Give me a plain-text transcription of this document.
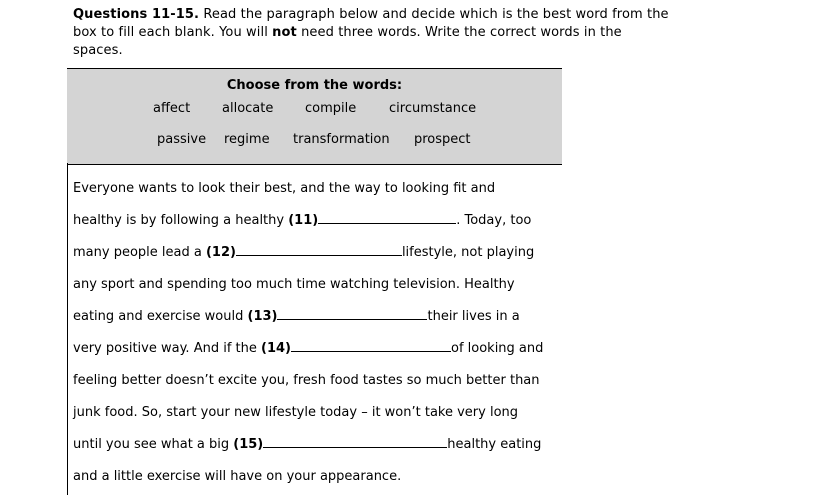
Questions 11-15. Read the paragraph below and decide which is the best word from the box to fill each blank. You will not need three words. Write the correct words in the spaces.
Choose from the words:
affect allocate compile	circumstance
passive regime transformation prospect
Everyone wants to look their best, and the way to looking fit and
healthy is by following a healthy (11)	. Today, too
many people lead a (12)	lifestyle, not playing
any sport and spending too much time watching television. Healthy
eating and exercise would (13)	their lives in a
very positive way. And if the (14)	of looking and
feeling better doesn’t excite you, fresh food tastes so much better than
junk food. So, start your new lifestyle today – it won’t take very long
until you see what a big (15)	healthy eating
and a little exercise will have on your appearance.
